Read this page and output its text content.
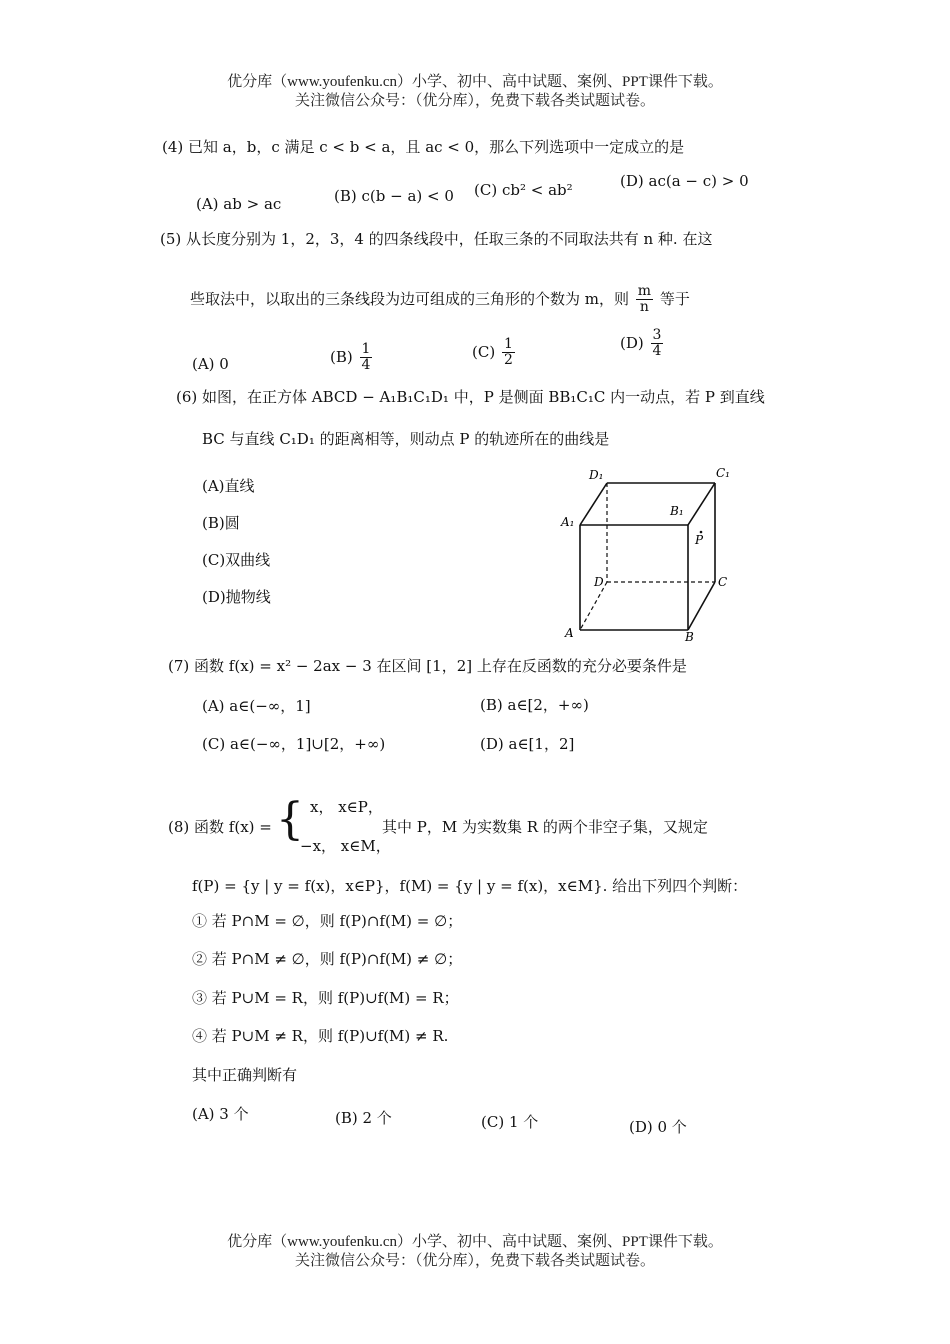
优分库（www.youfenku.cn）小学、初中、高中试题、案例、PPT课件下载。
关注微信公众号：（优分库），免费下载各类试题试卷。
(4) 已知 a，b，c 满足 c < b < a，且 ac < 0，那么下列选项中一定成立的是
(A) ab > ac	(B) c(b − a) < 0 (C) cb² < ab²	(D) ac(a − c) > 0
(5) 从长度分别为 1，2，3，4 的四条线段中，任取三条的不同取法共有 n 种. 在这
些取法中，以取出的三条线段为边可组成的三角形的个数为 m，则 $\frac{m}{n}$ 等于
(A) 0	$(B) \frac{1}{4}$	$(C) \frac{1}{2}$	$(D) \frac{3}{4}$
(6) 如图，在正方体 ABCD − A₁B₁C₁D₁ 中，P 是侧面 BB₁C₁C 内一动点，若 P 到直线
BC 与直线 C₁D₁ 的距离相等，则动点 P 的轨迹所在的曲线是
(A)直线
(B)圆
(C)双曲线
(D)抛物线
D₁	C₁
A₁
B₁
P
D	C
A	B
(7) 函数 f(x) = x² − 2ax − 3 在区间 [1，2] 上存在反函数的充分必要条件是
(A) a∈(−∞，1]	(B) a∈[2，+∞)
(C) a∈(−∞，1]∪[2，+∞)	(D) a∈[1，2]
(8) 函数 f(x) = { x， x∈P，
−x， x∈M，
其中 P，M 为实数集 R 的两个非空子集，又规定
f(P) = {y | y = f(x)，x∈P}，f(M) = {y | y = f(x)，x∈M}. 给出下列四个判断：
① 若 P∩M = ∅，则 f(P)∩f(M) = ∅；
② 若 P∩M ≠ ∅，则 f(P)∩f(M) ≠ ∅；
③ 若 P∪M = R，则 f(P)∪f(M) = R；
④ 若 P∪M ≠ R，则 f(P)∪f(M) ≠ R.
其中正确判断有
(A) 3 个	(B) 2 个	(C) 1 个	(D) 0 个
优分库（www.youfenku.cn）小学、初中、高中试题、案例、PPT课件下载。
关注微信公众号：（优分库），免费下载各类试题试卷。
